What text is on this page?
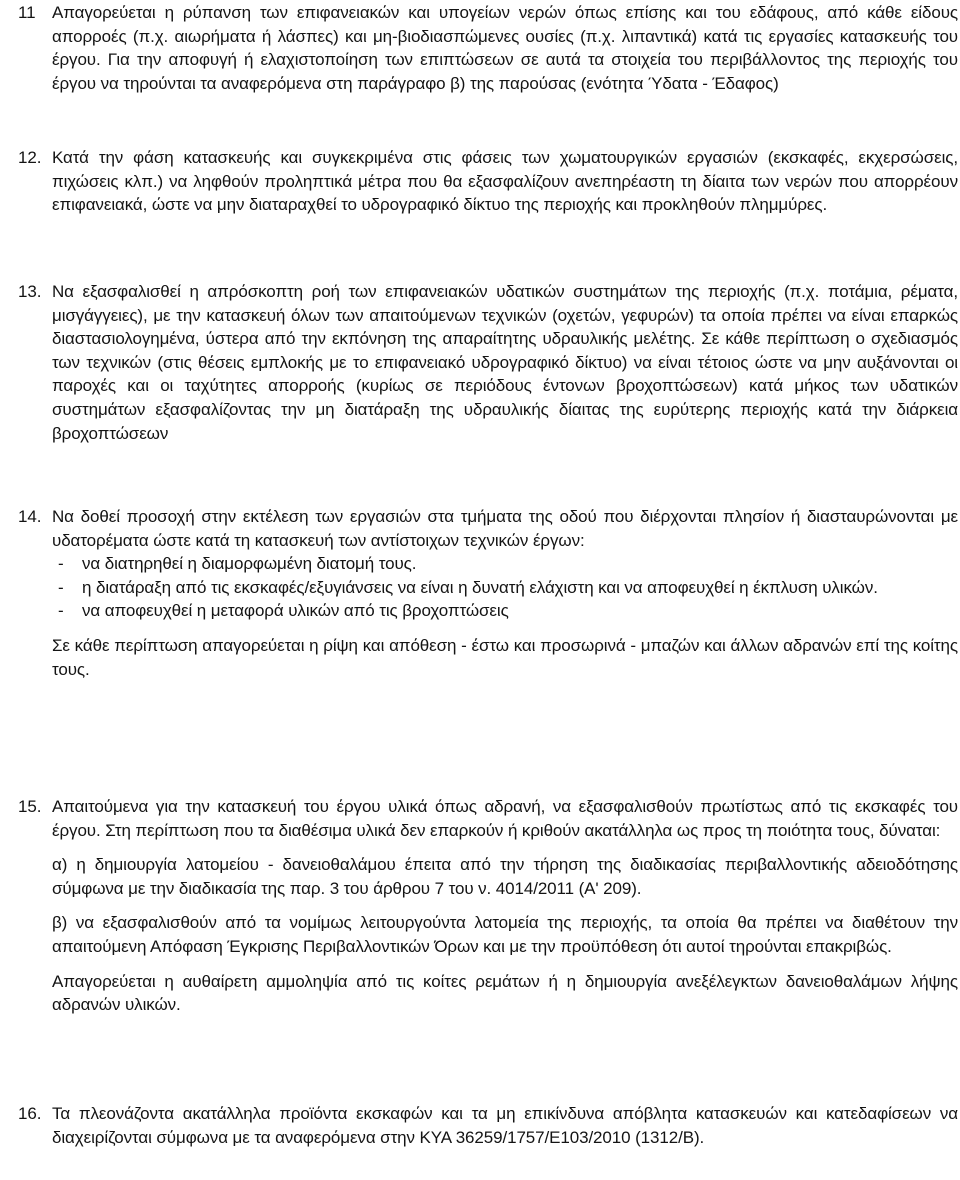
11 Απαγορεύεται η ρύπανση των επιφανειακών και υπογείων νερών όπως επίσης και του εδάφους, από κάθε είδους απορροές (π.χ. αιωρήματα ή λάσπες) και μη-βιοδιασπώμενες ουσίες (π.χ. λιπαντικά) κατά τις εργασίες κατασκευής του έργου. Για την αποφυγή ή ελαχιστοποίηση των επιπτώσεων σε αυτά τα στοιχεία του περιβάλλοντος της περιοχής του έργου να τηρούνται τα αναφερόμενα στη παράγραφο β) της παρούσας (ενότητα Ύδατα - Έδαφος)
12. Κατά την φάση κατασκευής και συγκεκριμένα στις φάσεις των χωματουργικών εργασιών (εκσκαφές, εκχερσώσεις, πιχώσεις κλπ.) να ληφθούν προληπτικά μέτρα που θα εξασφαλίζουν ανεπηρέαστη τη δίαιτα των νερών που απορρέουν επιφανειακά, ώστε να μην διαταραχθεί το υδρογραφικό δίκτυο της περιοχής και προκληθούν πλημμύρες.
13. Να εξασφαλισθεί η απρόσκοπτη ροή των επιφανειακών υδατικών συστημάτων της περιοχής (π.χ. ποτάμια, ρέματα, μισγάγγειες), με την κατασκευή όλων των απαιτούμενων τεχνικών (οχετών, γεφυρών) τα οποία πρέπει να είναι επαρκώς διαστασιολογημένα, ύστερα από την εκπόνηση της απαραίτητης υδραυλικής μελέτης. Σε κάθε περίπτωση ο σχεδιασμός των τεχνικών (στις θέσεις εμπλοκής με το επιφανειακό υδρογραφικό δίκτυο) να είναι τέτοιος ώστε να μην αυξάνονται οι παροχές και οι ταχύτητες απορροής (κυρίως σε περιόδους έντονων βροχοπτώσεων) κατά μήκος των υδατικών συστημάτων εξασφαλίζοντας την μη διατάραξη της υδραυλικής δίαιτας της ευρύτερης περιοχής κατά την διάρκεια βροχοπτώσεων
14. Να δοθεί προσοχή στην εκτέλεση των εργασιών στα τμήματα της οδού που διέρχονται πλησίον ή διασταυρώνονται με υδατορέματα ώστε κατά τη κατασκευή των αντίστοιχων τεχνικών έργων:
- να διατηρηθεί η διαμορφωμένη διατομή τους.
- η διατάραξη από τις εκσκαφές/εξυγιάνσεις να είναι η δυνατή ελάχιστη και να αποφευχθεί η έκπλυση υλικών.
- να αποφευχθεί η μεταφορά υλικών από τις βροχοπτώσεις
Σε κάθε περίπτωση απαγορεύεται η ρίψη και απόθεση - έστω και προσωρινά - μπαζών και άλλων αδρανών επί της κοίτης τους.
15. Απαιτούμενα για την κατασκευή του έργου υλικά όπως αδρανή, να εξασφαλισθούν πρωτίστως από τις εκσκαφές του έργου. Στη περίπτωση που τα διαθέσιμα υλικά δεν επαρκούν ή κριθούν ακατάλληλα ως προς τη ποιότητα τους, δύναται:
α) η δημιουργία λατομείου - δανειοθαλάμου έπειτα από την τήρηση της διαδικασίας περιβαλλοντικής αδειοδότησης σύμφωνα με την διαδικασία της παρ. 3 του άρθρου 7 του ν. 4014/2011 (Α' 209).
β) να εξασφαλισθούν από τα νομίμως λειτουργούντα λατομεία της περιοχής, τα οποία θα πρέπει να διαθέτουν την απαιτούμενη Απόφαση Έγκρισης Περιβαλλοντικών Όρων και με την προϋπόθεση ότι αυτοί τηρούνται επακριβώς.
Απαγορεύεται η αυθαίρετη αμμοληψία από τις κοίτες ρεμάτων ή η δημιουργία ανεξέλεγκτων δανειοθαλάμων λήψης αδρανών υλικών.
16. Τα πλεονάζοντα ακατάλληλα προϊόντα εκσκαφών και τα μη επικίνδυνα απόβλητα κατασκευών και κατεδαφίσεων να διαχειρίζονται σύμφωνα με τα αναφερόμενα στην ΚΥΑ 36259/1757/Ε103/2010 (1312/Β).
